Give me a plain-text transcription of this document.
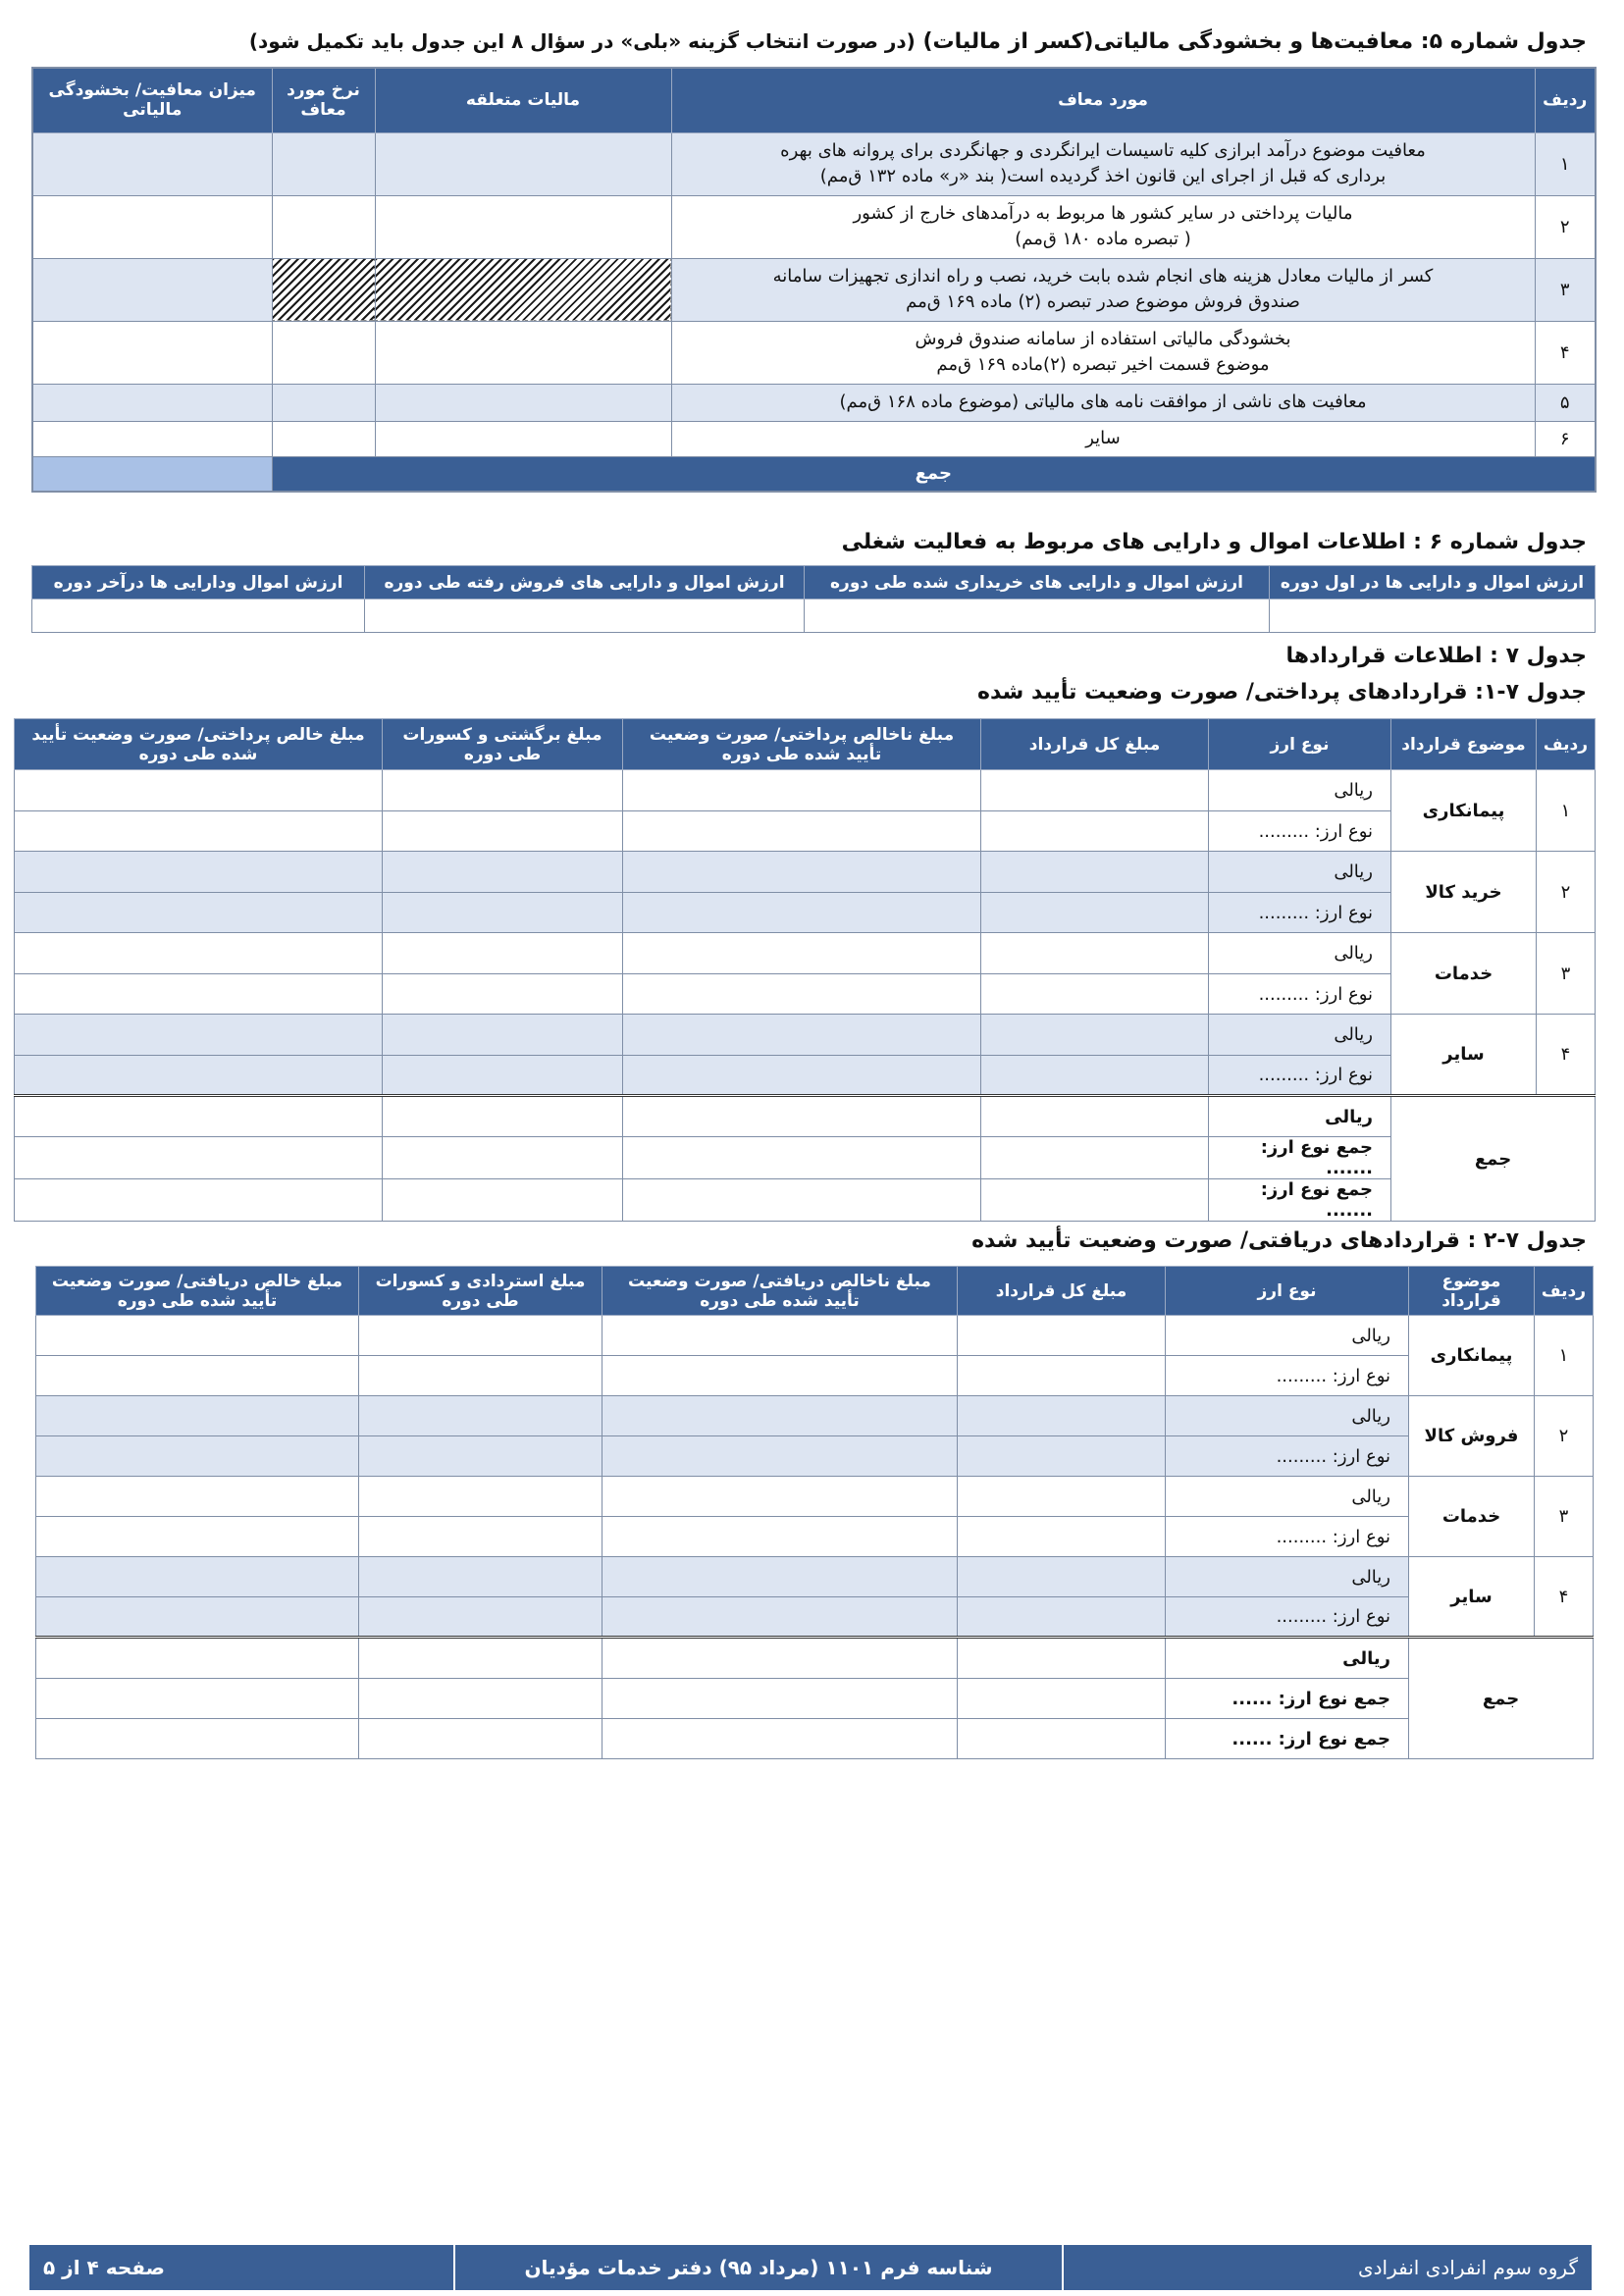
جدول شماره ۵: معافیت‌ها و بخشودگی مالیاتی(کسر از مالیات) (در صورت انتخاب گزینه «بلی» در سؤال ۸ این جدول باید تکمیل شود)
ردیف	مورد معاف	مالیات متعلقه	نرخ مورد معاف	میزان معافیت/ بخشودگی مالیاتی
۱	معافیت موضوع درآمد ابرازی کلیه تاسیسات ایرانگردی و جهانگردی برای پروانه های بهره
برداری که قبل از اجرای این قانون اخذ گردیده است( بند «ر» ماده ۱۳۲ ق‌مم)			

۲	مالیات پرداختی در سایر کشور ها مربوط به درآمدهای خارج از کشور
( تبصره ماده ۱۸۰ ق‌مم)			

۳	کسر از مالیات معادل هزینه های انجام شده بابت خرید، نصب و راه اندازی تجهیزات سامانه
صندوق فروش موضوع صدر تبصره (۲) ماده ۱۶۹ ق‌مم			

۴	بخشودگی مالیاتی استفاده از سامانه صندوق فروش
موضوع قسمت اخیر تبصره (۲)ماده ۱۶۹ ق‌مم			

۵	معافیت های ناشی از موافقت نامه های مالیاتی (موضوع ماده ۱۶۸ ق‌مم)			
۶	سایر			
جمع				
جدول شماره ۶ : اطلاعات اموال و دارایی های مربوط به فعالیت شغلی
ارزش اموال و دارایی ها در اول دوره	ارزش اموال و دارایی های خریداری شده طی دوره	ارزش اموال و دارایی های فروش رفته طی دوره	ارزش اموال ودارایی ها درآخر دوره

جدول ۷ : اطلاعات قراردادها
جدول ۷-۱: قراردادهای پرداختی/ صورت وضعیت تأیید شده
ردیف	موضوع قرارداد	نوع ارز	مبلغ کل قرارداد	مبلغ ناخالص پرداختی/ صورت وضعیت تأیید شده طی دوره	مبلغ برگشتی و کسورات طی دوره	مبلغ خالص پرداختی/ صورت وضعیت تأیید شده طی دوره
۱	پیمانکاری	ریالی				
		نوع ارز: .........				
۲	خرید کالا	ریالی				
		نوع ارز: .........				
۳	خدمات	ریالی				
		نوع ارز: .........				
۴	سایر	ریالی				
		نوع ارز: .........				
جمع		ریالی				
		جمع نوع ارز: .......				
		جمع نوع ارز: .......				
جدول ۷-۲ : قراردادهای دریافتی/ صورت وضعیت تأیید شده
ردیف	موضوع قرارداد	نوع ارز	مبلغ کل قرارداد	مبلغ ناخالص دریافتی/ صورت وضعیت تأیید شده طی دوره	مبلغ استردادی و کسورات طی دوره	مبلغ خالص دریافتی/ صورت وضعیت تأیید شده طی دوره
۱	پیمانکاری	ریالی				
		نوع ارز: .........				
۲	فروش کالا	ریالی				
		نوع ارز: .........				
۳	خدمات	ریالی				
		نوع ارز: .........				
۴	سایر	ریالی				
		نوع ارز: .........				
جمع		ریالی				
		جمع نوع ارز: ......				
		جمع نوع ارز: ......				
گروه سوم انفرادی انفرادی
شناسه فرم ۱۱۰۱ (مرداد ۹۵) دفتر خدمات مؤدیان
صفحه ۴ از ۵
